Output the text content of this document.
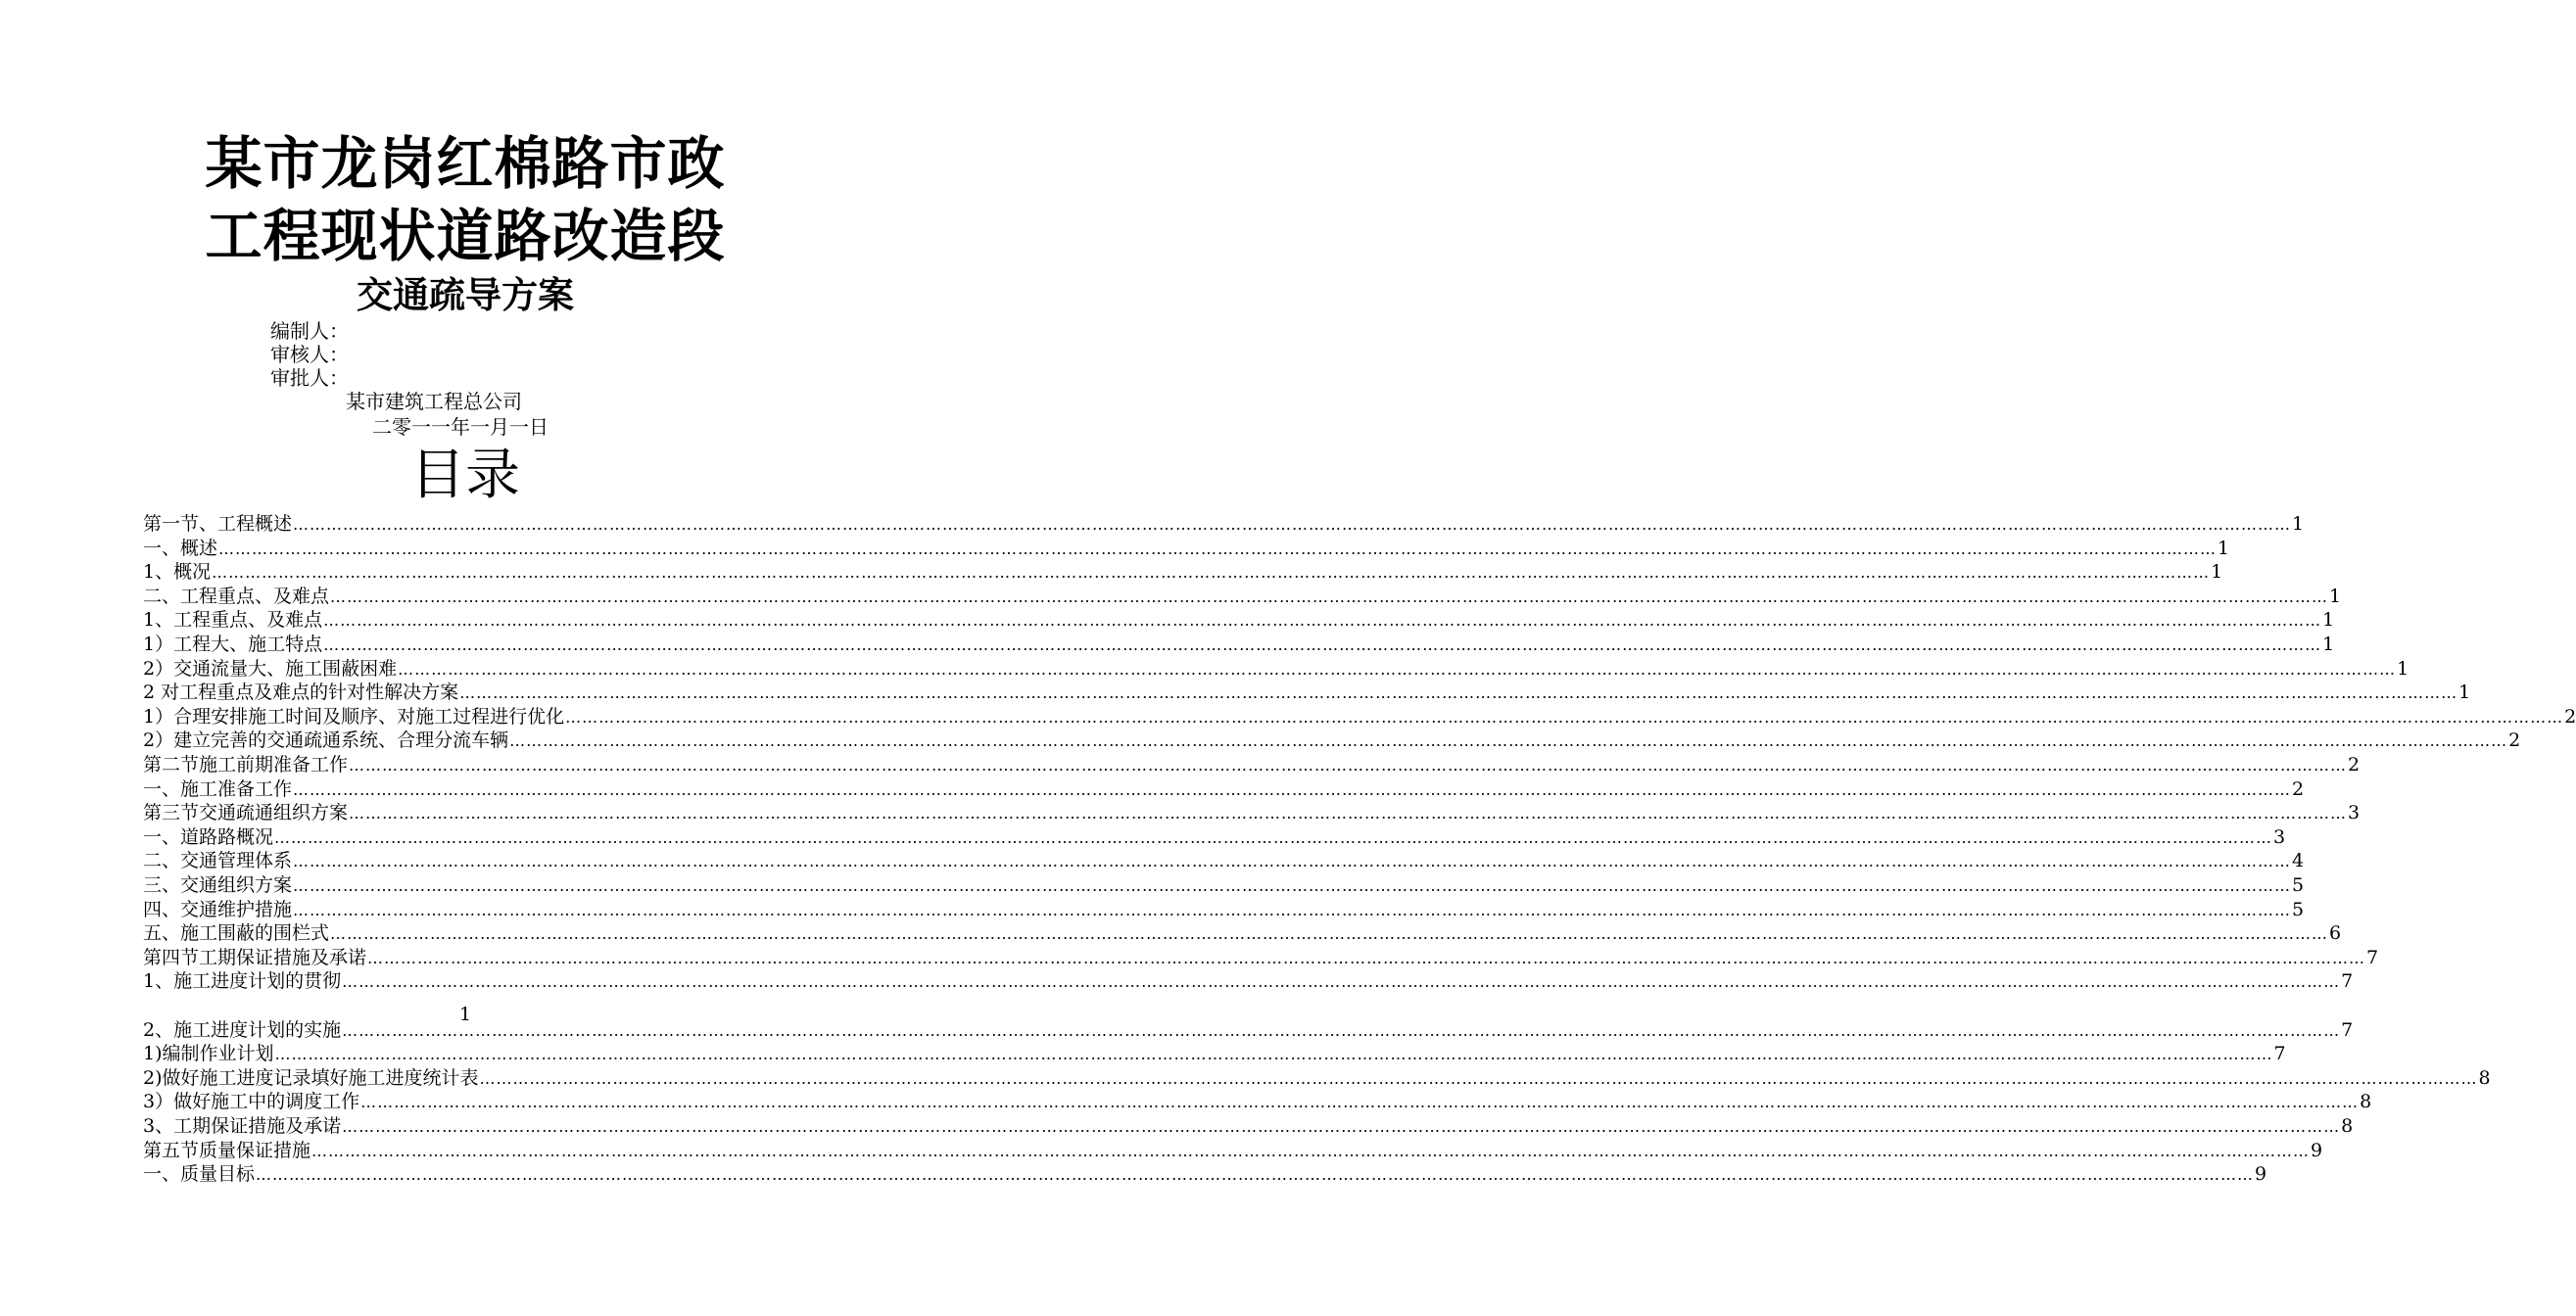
某市龙岗红棉路市政
工程现状道路改造段
交通疏导方案
编制人：
审核人：
审批人：
某市建筑工程总公司
二零一一年一月一日
目录
第一节、工程概述 ……………………………………………………………………………………………………………………………………………………………………………………………………………………………………………………………………………………………………………………………… 1
一、概述 ……………………………………………………………………………………………………………………………………………………………………………………………………………………………………………………………………………………………………………………………… 1
1、概况 ……………………………………………………………………………………………………………………………………………………………………………………………………………………………………………………………………………………………………………………………… 1
二、工程重点、及难点 ……………………………………………………………………………………………………………………………………………………………………………………………………………………………………………………………………………………………………………………………… 1
1、工程重点、及难点 ……………………………………………………………………………………………………………………………………………………………………………………………………………………………………………………………………………………………………………………………… 1
1）工程大、施工特点 ……………………………………………………………………………………………………………………………………………………………………………………………………………………………………………………………………………………………………………………………… 1
2）交通流量大、施工围蔽困难 ……………………………………………………………………………………………………………………………………………………………………………………………………………………………………………………………………………………………………………………………… 1
2 对工程重点及难点的针对性解决方案 ……………………………………………………………………………………………………………………………………………………………………………………………………………………………………………………………………………………………………………………………… 1
1）合理安排施工时间及顺序、对施工过程进行优化 ……………………………………………………………………………………………………………………………………………………………………………………………………………………………………………………………………………………………………………………………… 2
2）建立完善的交通疏通系统、合理分流车辆 ……………………………………………………………………………………………………………………………………………………………………………………………………………………………………………………………………………………………………………………………… 2
第二节施工前期准备工作 ……………………………………………………………………………………………………………………………………………………………………………………………………………………………………………………………………………………………………………………………… 2
一、施工准备工作 ……………………………………………………………………………………………………………………………………………………………………………………………………………………………………………………………………………………………………………………………… 2
第三节交通疏通组织方案 ……………………………………………………………………………………………………………………………………………………………………………………………………………………………………………………………………………………………………………………………… 3
一、道路路概况 ……………………………………………………………………………………………………………………………………………………………………………………………………………………………………………………………………………………………………………………………… 3
二、交通管理体系 ……………………………………………………………………………………………………………………………………………………………………………………………………………………………………………………………………………………………………………………………… 4
三、交通组织方案 ……………………………………………………………………………………………………………………………………………………………………………………………………………………………………………………………………………………………………………………………… 5
四、交通维护措施 ……………………………………………………………………………………………………………………………………………………………………………………………………………………………………………………………………………………………………………………………… 5
五、施工围蔽的围栏式 ……………………………………………………………………………………………………………………………………………………………………………………………………………………………………………………………………………………………………………………………… 6
第四节工期保证措施及承诺 ……………………………………………………………………………………………………………………………………………………………………………………………………………………………………………………………………………………………………………………………… 7
1、施工进度计划的贯彻 ……………………………………………………………………………………………………………………………………………………………………………………………………………………………………………………………………………………………………………………………… 7
2、施工进度计划的实施 ……………………………………………………………………………………………………………………………………………………………………………………………………………………………………………………………………………………………………………………………… 7
1)编制作业计划 ……………………………………………………………………………………………………………………………………………………………………………………………………………………………………………………………………………………………………………………………… 7
2)做好施工进度记录填好施工进度统计表 ……………………………………………………………………………………………………………………………………………………………………………………………………………………………………………………………………………………………………………………………… 8
3）做好施工中的调度工作 ……………………………………………………………………………………………………………………………………………………………………………………………………………………………………………………………………………………………………………………………… 8
3、工期保证措施及承诺 ……………………………………………………………………………………………………………………………………………………………………………………………………………………………………………………………………………………………………………………………… 8
第五节质量保证措施 ……………………………………………………………………………………………………………………………………………………………………………………………………………………………………………………………………………………………………………………………… 9
一、质量目标 ……………………………………………………………………………………………………………………………………………………………………………………………………………………………………………………………………………………………………………………………… 9
1
